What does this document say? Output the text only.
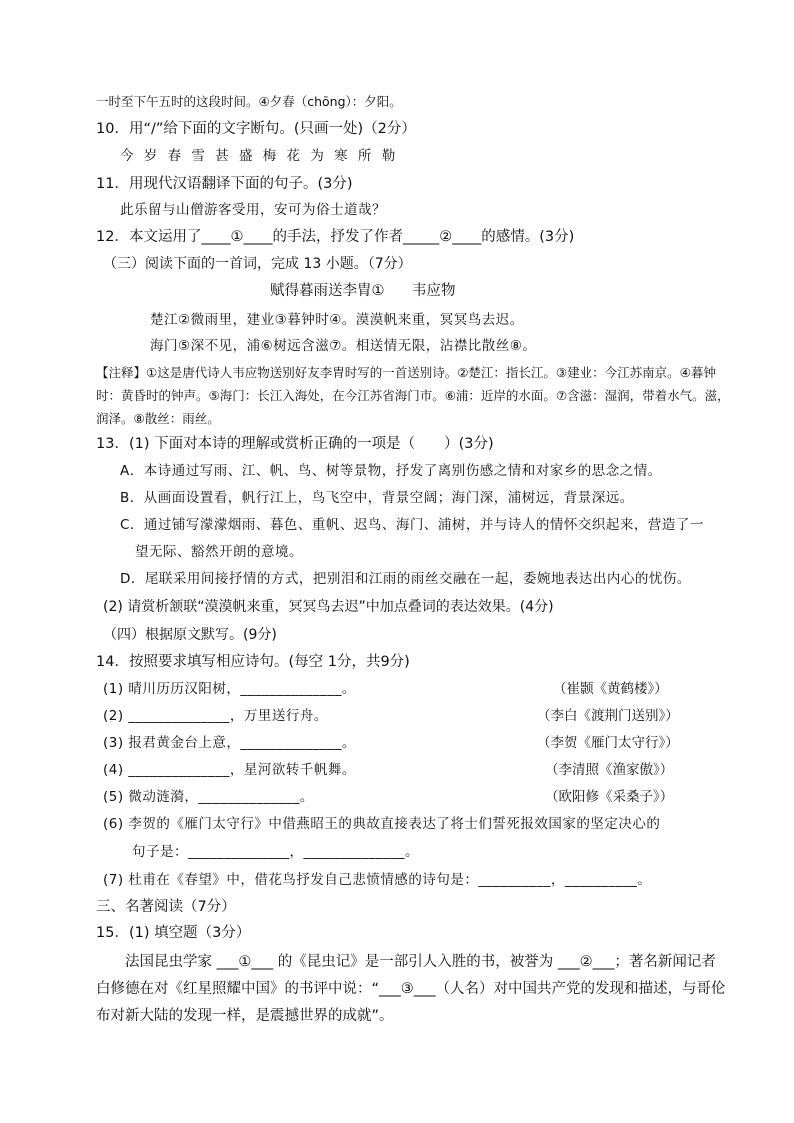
一时至下午五时的这段时间。④夕春（chōng）：夕阳。
10．用“/”给下面的文字断句。(只画一处)（2分）
今 岁 春 雪 甚 盛 梅 花 为 寒 所 勒
11．用现代汉语翻译下面的句子。(3分)
此乐留与山僧游客受用，安可为俗士道哉？
12．本文运用了____①____的手法，抒发了作者_____②____的感情。(3分)
（三）阅读下面的一首词，完成 13 小题。（7分）
赋得暮雨送李胄① 韦应物
楚江②微雨里，建业③暮钟时④。漠漠帆来重，冥冥鸟去迟。
海门⑤深不见，浦⑥树远含滋⑦。相送情无限，沾襟比散丝⑧。
【注释】①这是唐代诗人韦应物送别好友李胄时写的一首送别诗。②楚江：指长江。③建业：今江苏南京。④暮钟
时：黄昏时的钟声。⑤海门：长江入海处，在今江苏省海门市。⑥浦：近岸的水面。⑦含滋：湿润，带着水气。滋，
润泽。⑧散丝：雨丝。
13．(1) 下面对本诗的理解或赏析正确的一项是（　　）(3分)
A．本诗通过写雨、江、帆、鸟、树等景物，抒发了离别伤感之情和对家乡的思念之情。
B．从画面设置看，帆行江上，鸟飞空中，背景空阔；海门深，浦树远，背景深远。
C．通过铺写濛濛烟雨、暮色、重帆、迟鸟、海门、浦树，并与诗人的情怀交织起来，营造了一
望无际、豁然开朗的意境。
D．尾联采用间接抒情的方式，把别泪和江雨的雨丝交融在一起，委婉地表达出内心的忧伤。
(2) 请赏析颔联“漠漠帆来重，冥冥鸟去迟”中加点叠词的表达效果。(4分)
（四）根据原文默写。(9分)
14．按照要求填写相应诗句。(每空 1分，共9分)
(1) 晴川历历汉阳树，______________。	（崔颢《黄鹤楼》）
(2) ______________，万里送行舟。	（李白《渡荆门送别》）
(3) 报君黄金台上意，______________。	（李贺《雁门太守行》）
(4) ______________，星河欲转千帆舞。	（李清照《渔家傲》）
(5) 微动涟漪，______________。	（欧阳修《采桑子》）
(6) 李贺的《雁门太守行》中借燕昭王的典故直接表达了将士们誓死报效国家的坚定决心的
句子是：______________，______________。
(7) 杜甫在《春望》中，借花鸟抒发自己悲愤情感的诗句是：__________，__________。
三、名著阅读（7分）
15．(1) 填空题（3分）
法国昆虫学家 ___①___ 的《昆虫记》是一部引人入胜的书，被誉为 ___②___；著名新闻记者
白修德在对《红星照耀中国》的书评中说：“___③___（人名）对中国共产党的发现和描述，与哥伦
布对新大陆的发现一样，是震撼世界的成就”。
